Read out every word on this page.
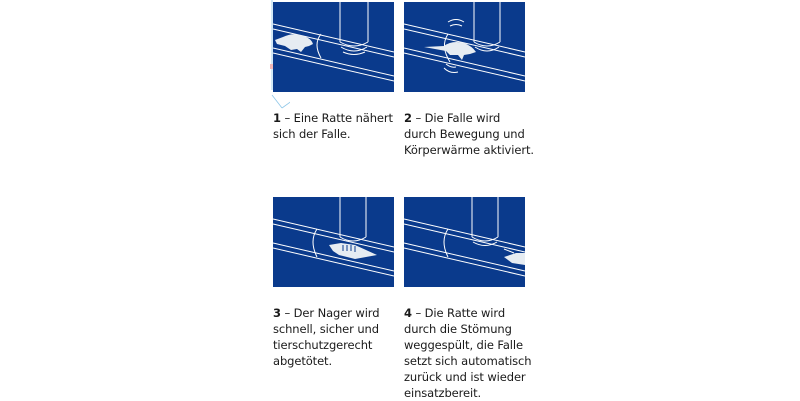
1 – Eine Ratte nähert
sich der Falle.
2 – Die Falle wird
durch Bewegung und
Körperwärme aktiviert.
3 – Der Nager wird
schnell, sicher und
tierschutzgerecht
abgetötet.
4 – Die Ratte wird
durch die Stömung
weggespült, die Falle
setzt sich automatisch
zurück und ist wieder
einsatzbereit.
